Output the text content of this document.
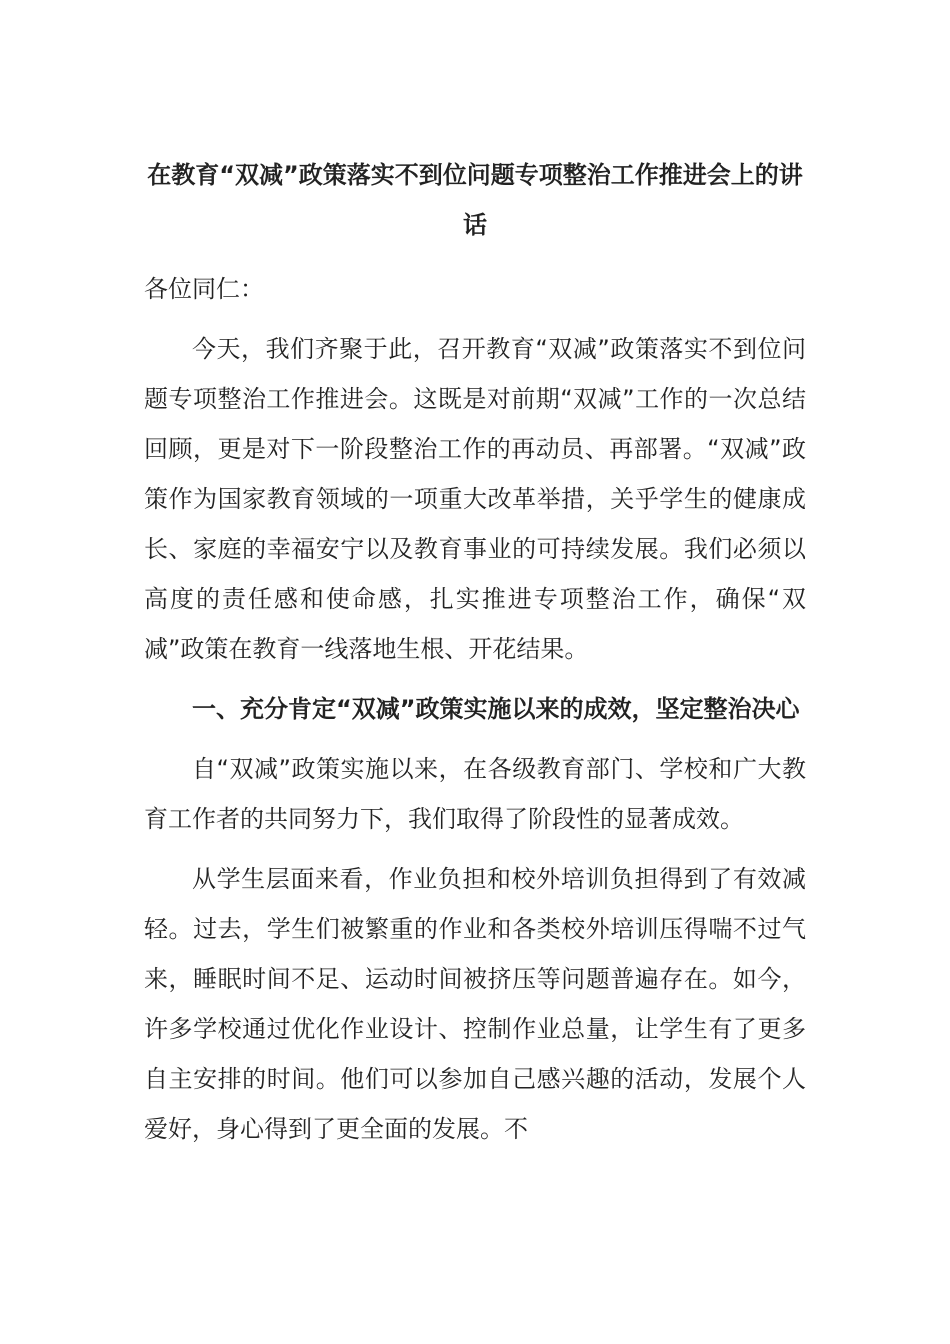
在教育“双减”政策落实不到位问题专项整治工作推进会上的讲话

各位同仁：

今天，我们齐聚于此，召开教育“双减”政策落实不到位问题专项整治工作推进会。这既是对前期“双减”工作的一次总结回顾，更是对下一阶段整治工作的再动员、再部署。“双减”政策作为国家教育领域的一项重大改革举措，关乎学生的健康成长、家庭的幸福安宁以及教育事业的可持续发展。我们必须以高度的责任感和使命感，扎实推进专项整治工作，确保“双减”政策在教育一线落地生根、开花结果。

一、充分肯定“双减”政策实施以来的成效，坚定整治决心

自“双减”政策实施以来，在各级教育部门、学校和广大教育工作者的共同努力下，我们取得了阶段性的显著成效。

从学生层面来看，作业负担和校外培训负担得到了有效减轻。过去，学生们被繁重的作业和各类校外培训压得喘不过气来，睡眠时间不足、运动时间被挤压等问题普遍存在。如今，许多学校通过优化作业设计、控制作业总量，让学生有了更多自主安排的时间。他们可以参加自己感兴趣的活动，发展个人爱好，身心得到了更全面的发展。不
